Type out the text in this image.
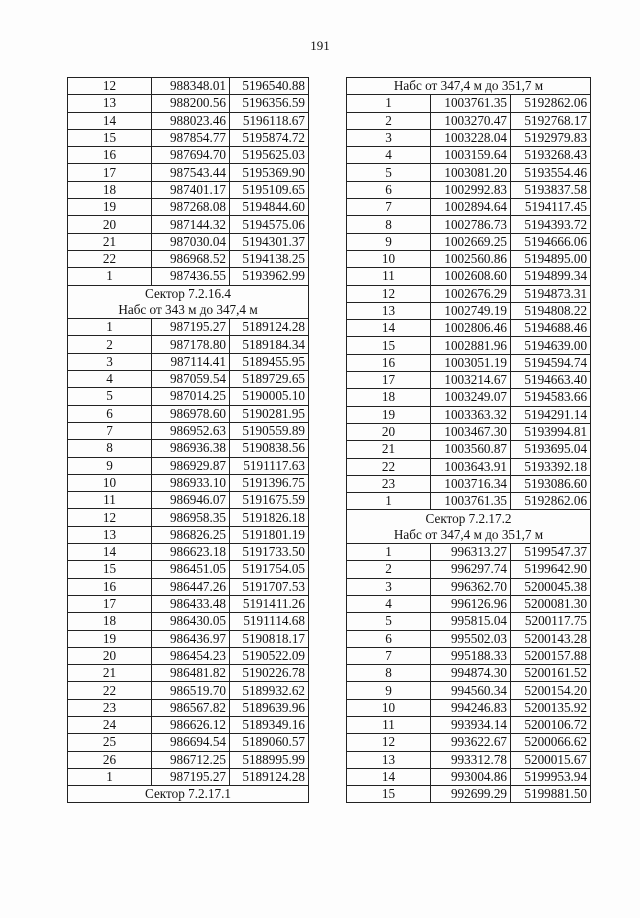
191
12	988348.01	5196540.88
13	988200.56	5196356.59
14	988023.46	5196118.67
15	987854.77	5195874.72
16	987694.70	5195625.03
17	987543.44	5195369.90
18	987401.17	5195109.65
19	987268.08	5194844.60
20	987144.32	5194575.06
21	987030.04	5194301.37
22	986968.52	5194138.25
1	987436.55	5193962.99
Сектор 7.2.16.4		
Набс от 343 м до 347,4 м		
1	987195.27	5189124.28
2	987178.80	5189184.34
3	987114.41	5189455.95
4	987059.54	5189729.65
5	987014.25	5190005.10
6	986978.60	5190281.95
7	986952.63	5190559.89
8	986936.38	5190838.56
9	986929.87	5191117.63
10	986933.10	5191396.75
11	986946.07	5191675.59
12	986958.35	5191826.18
13	986826.25	5191801.19
14	986623.18	5191733.50
15	986451.05	5191754.05
16	986447.26	5191707.53
17	986433.48	5191411.26
18	986430.05	5191114.68
19	986436.97	5190818.17
20	986454.23	5190522.09
21	986481.82	5190226.78
22	986519.70	5189932.62
23	986567.82	5189639.96
24	986626.12	5189349.16
25	986694.54	5189060.57
26	986712.25	5188995.99
1	987195.27	5189124.28
Сектор 7.2.17.1		
Набс от 347,4 м до 351,7 м		
1	1003761.35	5192862.06
2	1003270.47	5192768.17
3	1003228.04	5192979.83
4	1003159.64	5193268.43
5	1003081.20	5193554.46
6	1002992.83	5193837.58
7	1002894.64	5194117.45
8	1002786.73	5194393.72
9	1002669.25	5194666.06
10	1002560.86	5194895.00
11	1002608.60	5194899.34
12	1002676.29	5194873.31
13	1002749.19	5194808.22
14	1002806.46	5194688.46
15	1002881.96	5194639.00
16	1003051.19	5194594.74
17	1003214.67	5194663.40
18	1003249.07	5194583.66
19	1003363.32	5194291.14
20	1003467.30	5193994.81
21	1003560.87	5193695.04
22	1003643.91	5193392.18
23	1003716.34	5193086.60
1	1003761.35	5192862.06
Сектор 7.2.17.2		
Набс от 347,4 м до 351,7 м		
1	996313.27	5199547.37
2	996297.74	5199642.90
3	996362.70	5200045.38
4	996126.96	5200081.30
5	995815.04	5200117.75
6	995502.03	5200143.28
7	995188.33	5200157.88
8	994874.30	5200161.52
9	994560.34	5200154.20
10	994246.83	5200135.92
11	993934.14	5200106.72
12	993622.67	5200066.62
13	993312.78	5200015.67
14	993004.86	5199953.94
15	992699.29	5199881.50
